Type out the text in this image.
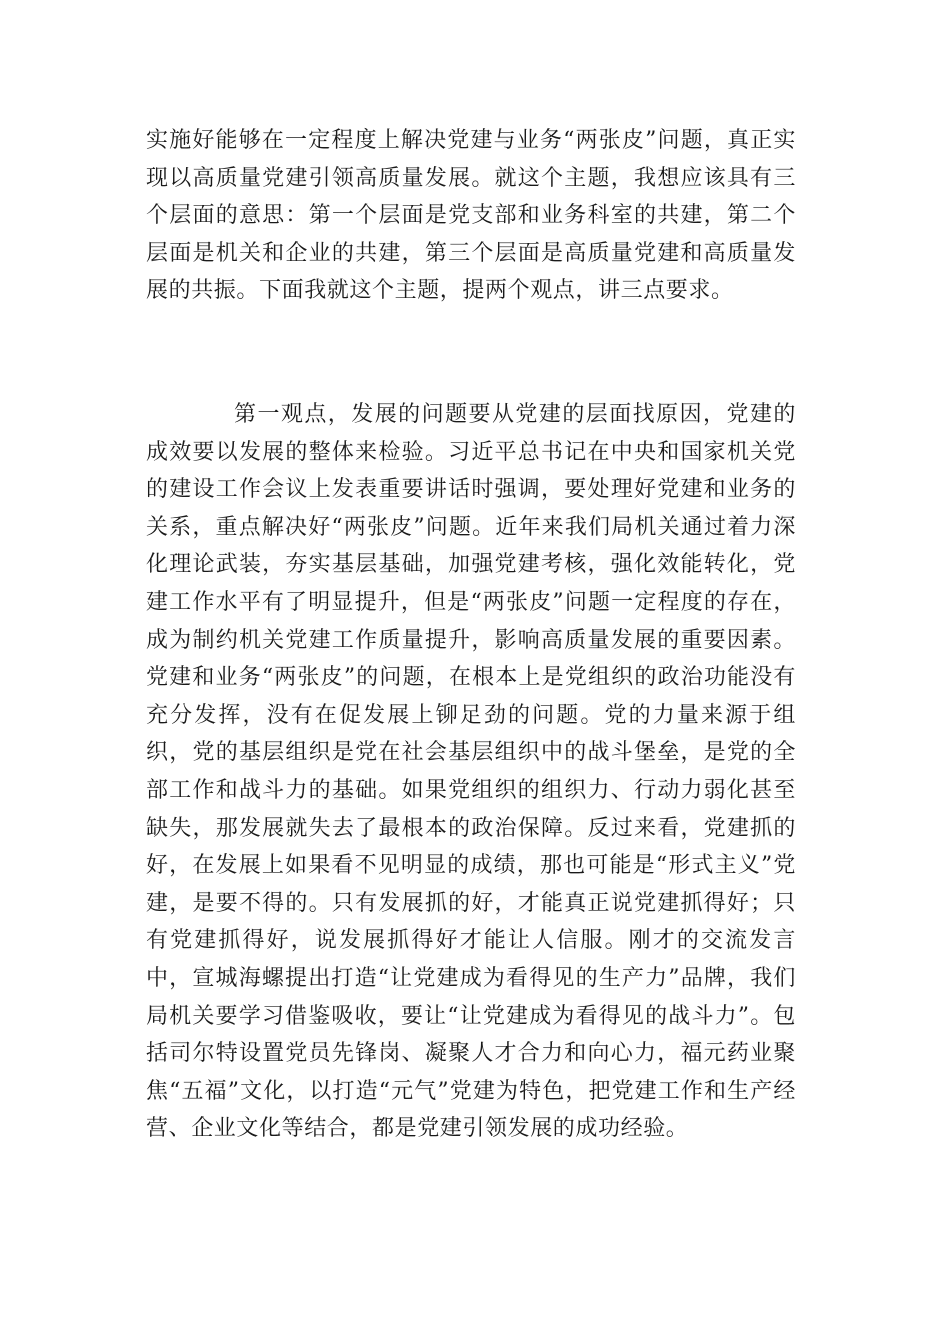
实施好能够在一定程度上解决党建与业务“两张皮”问题，真正实现以高质量党建引领高质量发展。就这个主题，我想应该具有三个层面的意思：第一个层面是党支部和业务科室的共建，第二个层面是机关和企业的共建，第三个层面是高质量党建和高质量发展的共振。下面我就这个主题，提两个观点，讲三点要求。

第一观点，发展的问题要从党建的层面找原因，党建的成效要以发展的整体来检验。习近平总书记在中央和国家机关党的建设工作会议上发表重要讲话时强调，要处理好党建和业务的关系，重点解决好“两张皮”问题。近年来我们局机关通过着力深化理论武装，夯实基层基础，加强党建考核，强化效能转化，党建工作水平有了明显提升，但是“两张皮”问题一定程度的存在，成为制约机关党建工作质量提升，影响高质量发展的重要因素。党建和业务“两张皮”的问题，在根本上是党组织的政治功能没有充分发挥，没有在促发展上铆足劲的问题。党的力量来源于组织，党的基层组织是党在社会基层组织中的战斗堡垒，是党的全部工作和战斗力的基础。如果党组织的组织力、行动力弱化甚至缺失，那发展就失去了最根本的政治保障。反过来看，党建抓的好，在发展上如果看不见明显的成绩，那也可能是“形式主义”党建，是要不得的。只有发展抓的好，才能真正说党建抓得好；只有党建抓得好，说发展抓得好才能让人信服。刚才的交流发言中，宣城海螺提出打造“让党建成为看得见的生产力”品牌，我们局机关要学习借鉴吸收，要让“让党建成为看得见的战斗力”。包括司尔特设置党员先锋岗、凝聚人才合力和向心力，福元药业聚焦“五福”文化，以打造“元气”党建为特色，把党建工作和生产经营、企业文化等结合，都是党建引领发展的成功经验。
